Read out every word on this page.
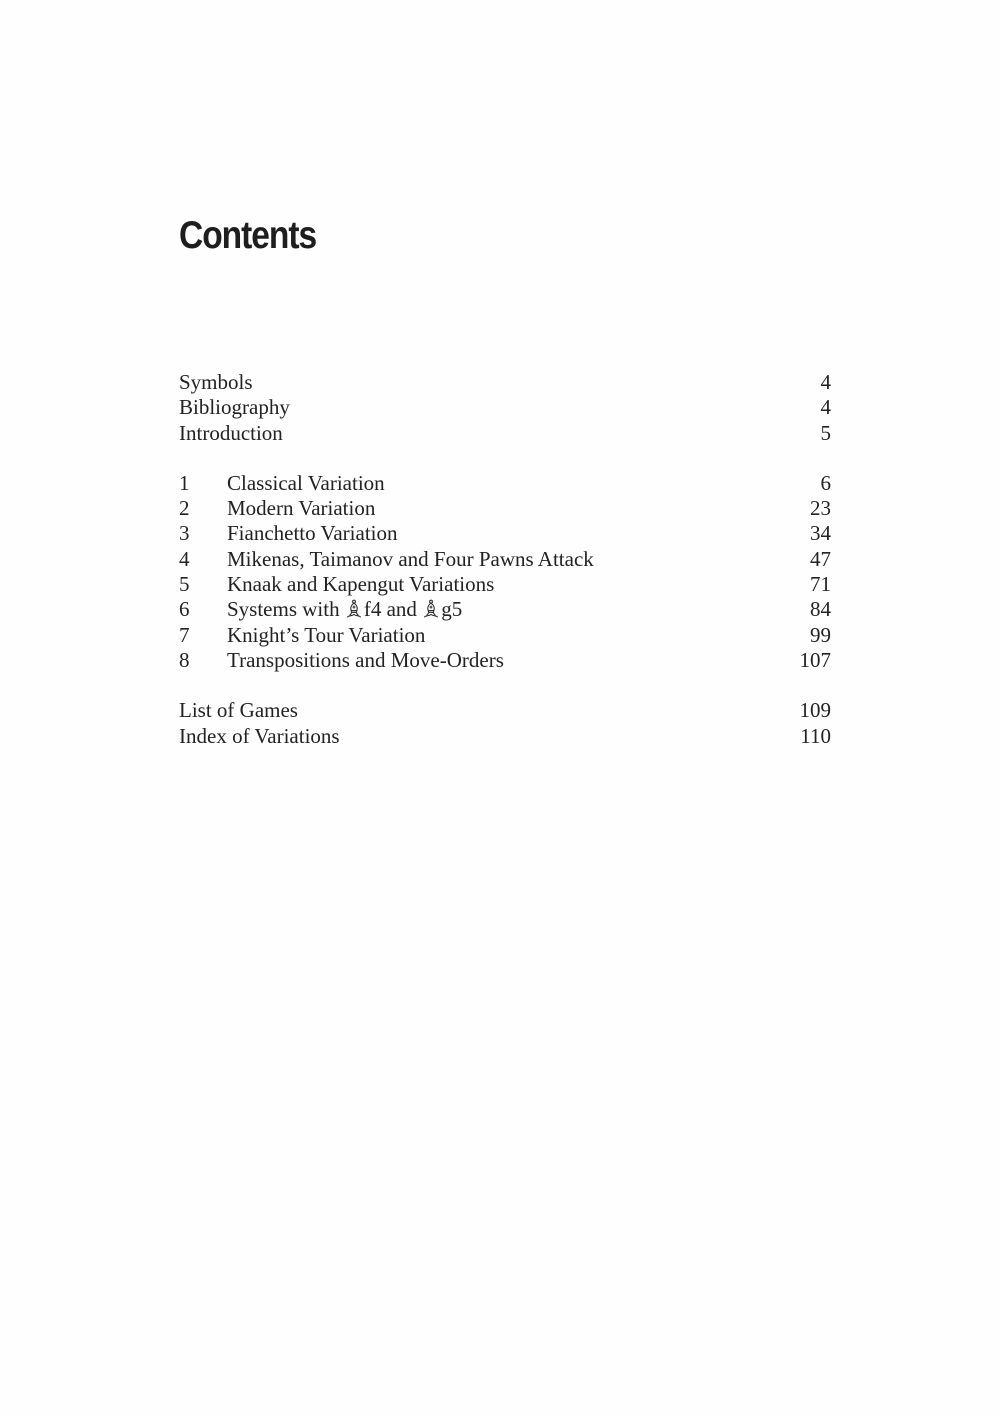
Contents
Symbols	4
Bibliography	4
Introduction	5
1	Classical Variation	6
2	Modern Variation	23
3	Fianchetto Variation	34
4	Mikenas, Taimanov and Four Pawns Attack	47
5	Knaak and Kapengut Variations	71
6	Systems with f4 and g5	84
7	Knight’s Tour Variation	99
8	Transpositions and Move-Orders	107
List of Games	109
Index of Variations	110
